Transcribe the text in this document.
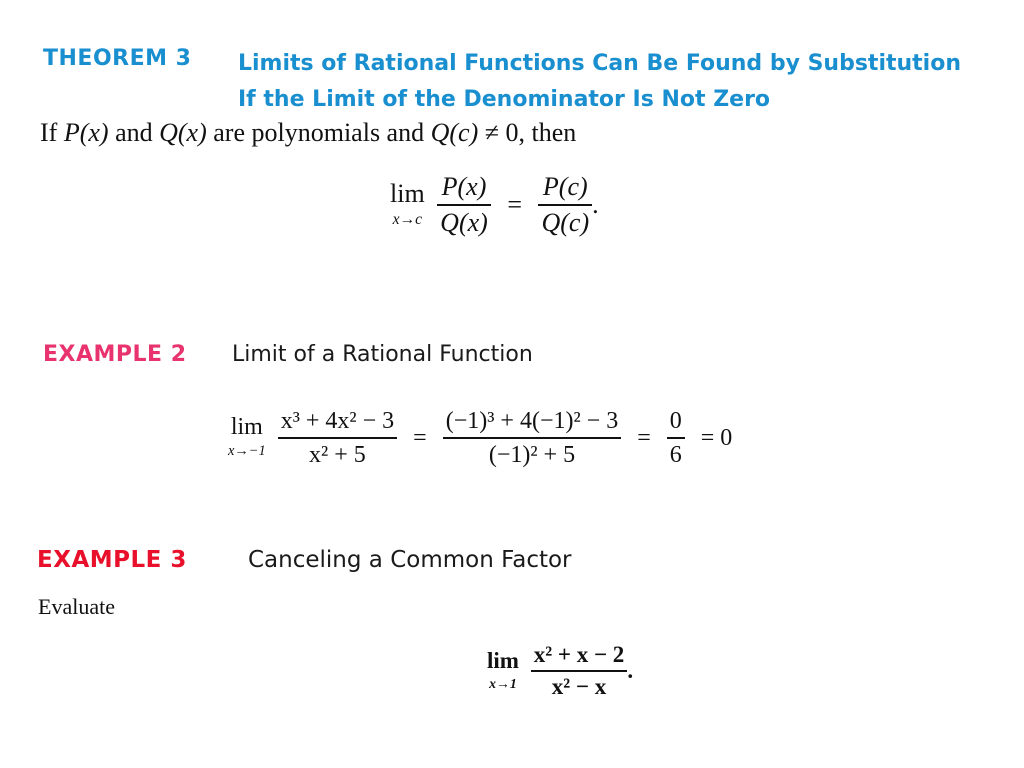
THEOREM 3 Limits of Rational Functions Can Be Found by Substitution
If the Limit of the Denominator Is Not Zero
If P(x) and Q(x) are polynomials and Q(c) ≠ 0, then
lim
x→c
$\frac{P(x)}{Q(x)} = \frac{P(c)}{Q(c)}$ .
EXAMPLE 2 Limit of a Rational Function
lim
x→−1
$\frac{\text{x³ + 4x² − 3}}{\text{x² + 5}} = \frac{\text{(−1)³ + 4(−1)² − 3}}{\text{(−1)² + 5}} = \frac{0}{6} = 0$
EXAMPLE 3	Canceling a Common Factor
Evaluate
lim
x→1
$\frac{\text{x² + x − 2}}{\text{x² − x}}$ .
